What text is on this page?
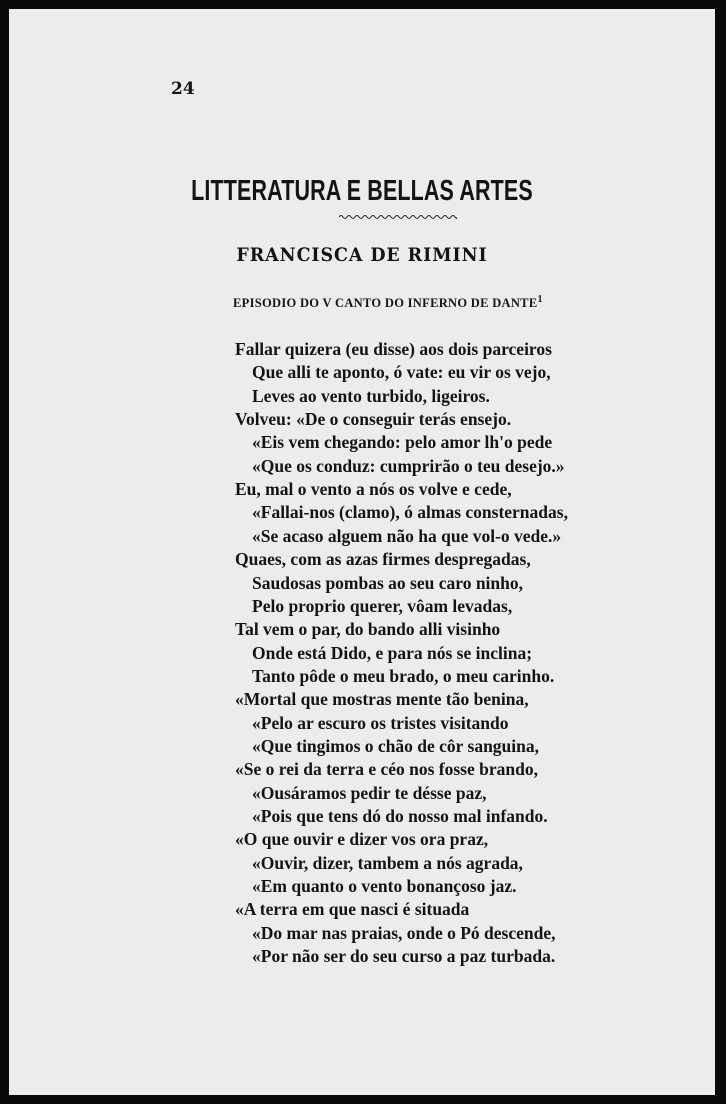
24
LITTERATURA E BELLAS ARTES
FRANCISCA DE RIMINI
EPISODIO DO V CANTO DO INFERNO DE DANTE$^1$
Fallar quizera (eu disse) aos dois parceiros
Que alli te aponto, ó vate: eu vir os vejo,
Leves ao vento turbido, ligeiros.
Volveu: «De o conseguir terás ensejo.
«Eis vem chegando: pelo amor lh'o pede
«Que os conduz: cumprirão o teu desejo.»
Eu, mal o vento a nós os volve e cede,
«Fallai-nos (clamo), ó almas consternadas,
«Se acaso alguem não ha que vol-o vede.»
Quaes, com as azas firmes despregadas,
Saudosas pombas ao seu caro ninho,
Pelo proprio querer, vôam levadas,
Tal vem o par, do bando alli visinho
Onde está Dido, e para nós se inclina;
Tanto pôde o meu brado, o meu carinho.
«Mortal que mostras mente tão benina,
«Pelo ar escuro os tristes visitando
«Que tingimos o chão de côr sanguina,
«Se o rei da terra e céo nos fosse brando,
«Ousáramos pedir te désse paz,
«Pois que tens dó do nosso mal infando.
«O que ouvir e dizer vos ora praz,
«Ouvir, dizer, tambem a nós agrada,
«Em quanto o vento bonançoso jaz.
«A terra em que nasci é situada
«Do mar nas praias, onde o Pó descende,
«Por não ser do seu curso a paz turbada.
